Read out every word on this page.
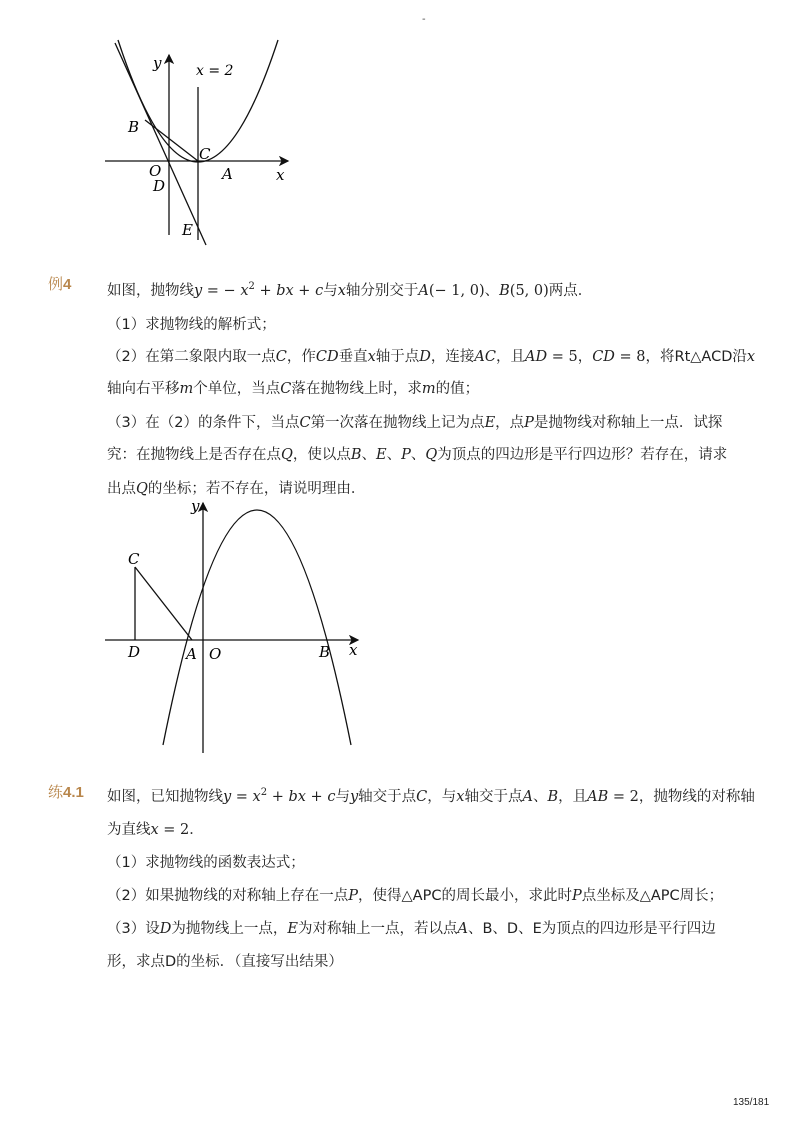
-
y x = 2
B
C
O
D
A	x
E
例4 如图，抛物线y = − $x^2$ + bx + c与x轴分别交于A(− 1, 0)、B(5, 0)两点．
（1）求抛物线的解析式；
（2）在第二象限内取一点C，作CD垂直x轴于点D，连接AC，且AD = 5，CD = 8，将Rt△ACD沿x
轴向右平移m个单位，当点C落在抛物线上时，求m的值；
（3）在（2）的条件下，当点C第一次落在抛物线上记为点E，点P是抛物线对称轴上一点．试探
究：在抛物线上是否存在点Q，使以点B、E、P、Q为顶点的四边形是平行四边形？若存在，请求
出点Q的坐标；若不存在，请说明理由．
y
C
D	A O	B x
练4.1 如图，已知抛物线$y = x^2$ + bx + c与y轴交于点C，与x轴交于点A、B，且AB = 2，抛物线的对称轴
为直线x = 2．
（1）求抛物线的函数表达式；
（2）如果抛物线的对称轴上存在一点P，使得△APC的周长最小，求此时P点坐标及△APC周长；
（3）设D为抛物线上一点，E为对称轴上一点，若以点A、B、D、E为顶点的四边形是平行四边
形，求点D的坐标．（直接写出结果）
135/181
